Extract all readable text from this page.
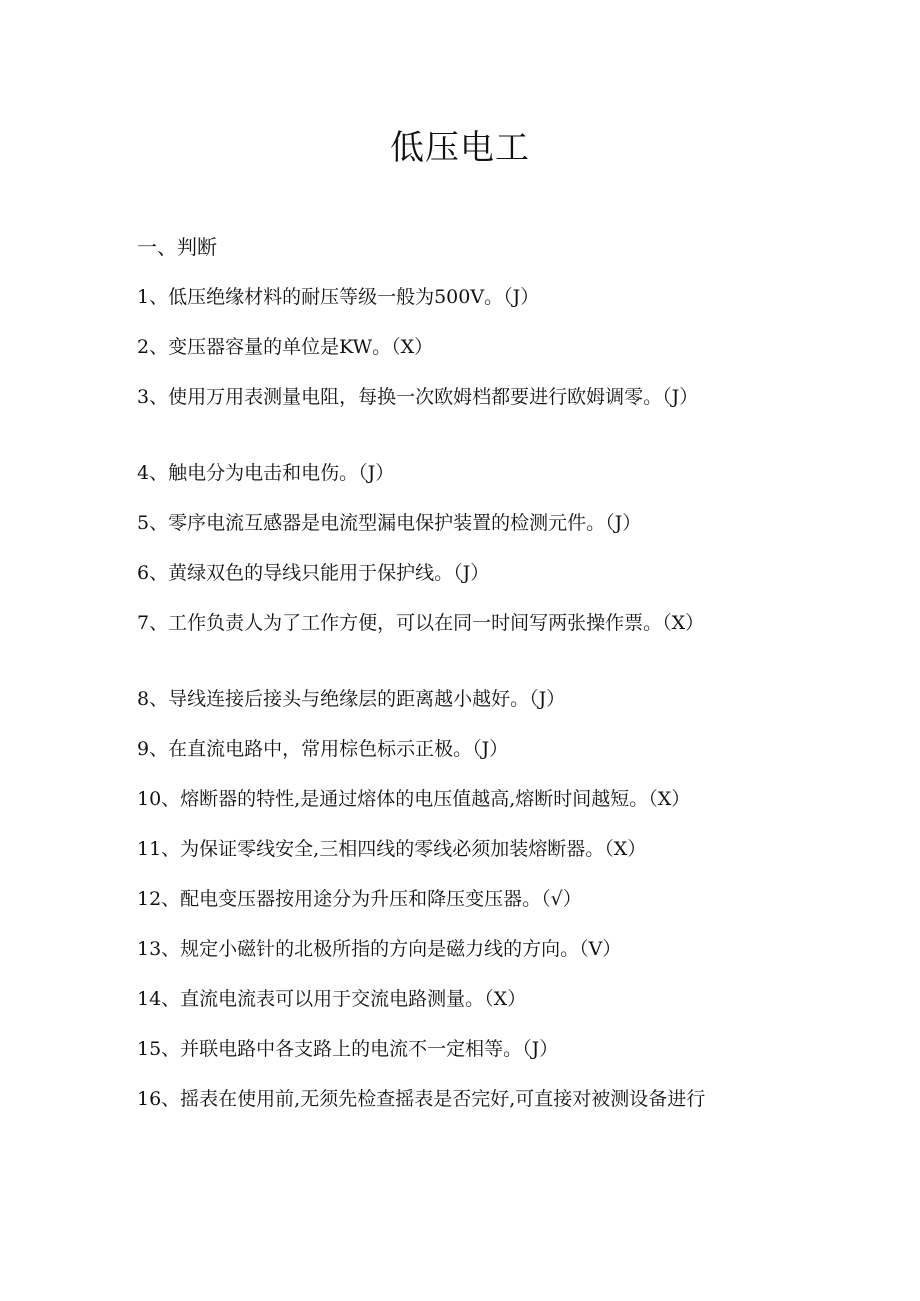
低压电工
一、判断
1、低压绝缘材料的耐压等级一般为500V。（J）
2、变压器容量的单位是KW。（X）
3、使用万用表测量电阻，每换一次欧姆档都要进行欧姆调零。（J）
4、触电分为电击和电伤。（J）
5、零序电流互感器是电流型漏电保护装置的检测元件。（J）
6、黄绿双色的导线只能用于保护线。（J）
7、工作负责人为了工作方便，可以在同一时间写两张操作票。（X）
8、导线连接后接头与绝缘层的距离越小越好。（J）
9、在直流电路中，常用棕色标示正极。（J）
10、熔断器的特性,是通过熔体的电压值越高,熔断时间越短。（X）
11、为保证零线安全,三相四线的零线必须加装熔断器。（X）
12、配电变压器按用途分为升压和降压变压器。（√）
13、规定小磁针的北极所指的方向是磁力线的方向。（V）
14、直流电流表可以用于交流电路测量。（X）
15、并联电路中各支路上的电流不一定相等。（J）
16、摇表在使用前,无须先检查摇表是否完好,可直接对被测设备进行
